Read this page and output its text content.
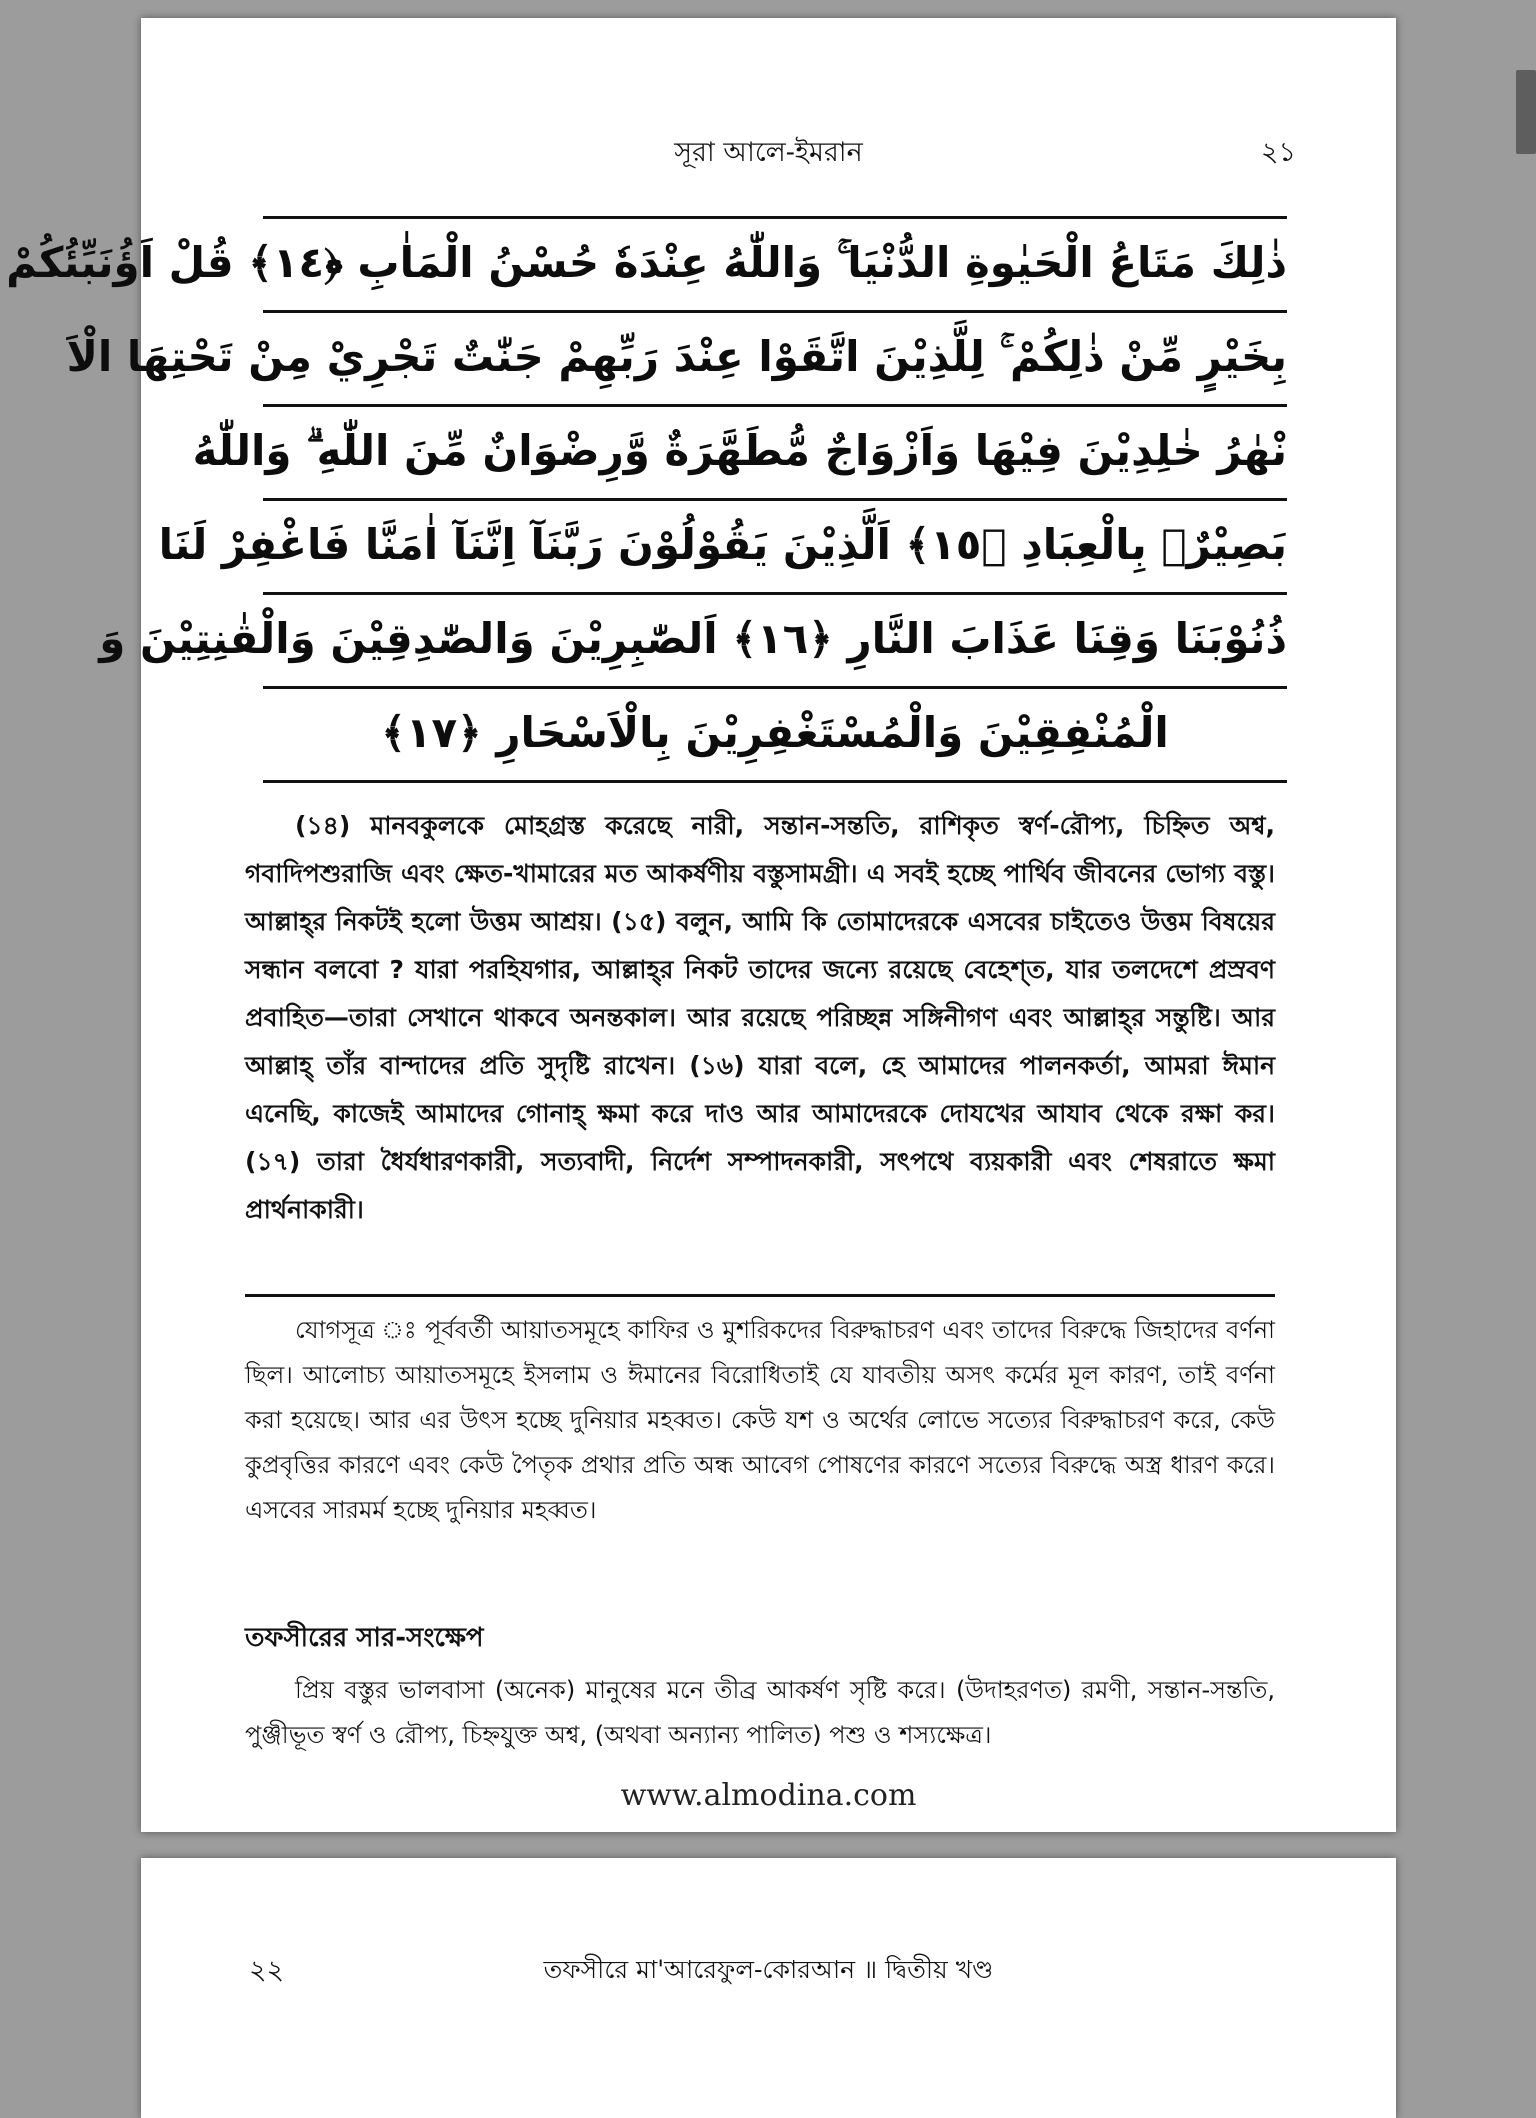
সূরা আলে-ইমরান	২১
ذٰلِكَ مَتَاعُ الْحَيٰوةِ الدُّنْيَا ۚ وَاللّٰهُ عِنْدَهٗ حُسْنُ الْمَاٰبِ ﴿١٤﴾ قُلْ اَؤُنَبِّئُكُمْ
بِخَيْرٍ مِّنْ ذٰلِكُمْ ۚ لِلَّذِيْنَ اتَّقَوْا عِنْدَ رَبِّهِمْ جَنّٰتٌ تَجْرِيْ مِنْ تَحْتِهَا الْاَ
نْهٰرُ خٰلِدِيْنَ فِيْهَا وَاَزْوَاجٌ مُّطَهَّرَةٌ وَّرِضْوَانٌ مِّنَ اللّٰهِ ۗ وَاللّٰهُ
بَصِيْرٌۢ بِالْعِبَادِ ﴿١٥﴾ اَلَّذِيْنَ يَقُوْلُوْنَ رَبَّنَآ اِنَّنَآ اٰمَنَّا فَاغْفِرْ لَنَا
ذُنُوْبَنَا وَقِنَا عَذَابَ النَّارِ ﴿١٦﴾ اَلصّٰبِرِيْنَ وَالصّٰدِقِيْنَ وَالْقٰنِتِيْنَ وَ
الْمُنْفِقِيْنَ وَالْمُسْتَغْفِرِيْنَ بِالْاَسْحَارِ ﴿١٧﴾

(১৪) মানবকুলকে মোহগ্রস্ত করেছে নারী, সন্তান-সন্ততি, রাশিকৃত স্বর্ণ-রৌপ্য, চিহ্নিত অশ্ব, গবাদিপশুরাজি এবং ক্ষেত-খামারের মত আকর্ষণীয় বস্তুসামগ্রী। এ সবই হচ্ছে পার্থিব জীবনের ভোগ্য বস্তু। আল্লাহ্‌র নিকটই হলো উত্তম আশ্রয়। (১৫) বলুন, আমি কি তোমাদেরকে এসবের চাইতেও উত্তম বিষয়ের সন্ধান বলবো ? যারা পরহিযগার, আল্লাহ্‌র নিকট তাদের জন্যে রয়েছে বেহেশ্‌ত, যার তলদেশে প্রস্রবণ প্রবাহিত—তারা সেখানে থাকবে অনন্তকাল। আর রয়েছে পরিচ্ছন্ন সঙ্গিনীগণ এবং আল্লাহ্‌র সন্তুষ্টি। আর আল্লাহ্ তাঁর বান্দাদের প্রতি সুদৃষ্টি রাখেন। (১৬) যারা বলে, হে আমাদের পালনকর্তা, আমরা ঈমান এনেছি, কাজেই আমাদের গোনাহ্ ক্ষমা করে দাও আর আমাদেরকে দোযখের আযাব থেকে রক্ষা কর। (১৭) তারা ধৈর্যধারণকারী, সত্যবাদী, নির্দেশ সম্পাদনকারী, সৎপথে ব্যয়কারী এবং শেষরাতে ক্ষমা প্রার্থনাকারী।

যোগসূত্র ঃ পূর্ববর্তী আয়াতসমূহে কাফির ও মুশরিকদের বিরুদ্ধাচরণ এবং তাদের বিরুদ্ধে জিহাদের বর্ণনা ছিল। আলোচ্য আয়াতসমূহে ইসলাম ও ঈমানের বিরোধিতাই যে যাবতীয় অসৎ কর্মের মূল কারণ, তাই বর্ণনা করা হয়েছে। আর এর উৎস হচ্ছে দুনিয়ার মহব্বত। কেউ যশ ও অর্থের লোভে সত্যের বিরুদ্ধাচরণ করে, কেউ কুপ্রবৃত্তির কারণে এবং কেউ পৈতৃক প্রথার প্রতি অন্ধ আবেগ পোষণের কারণে সত্যের বিরুদ্ধে অস্ত্র ধারণ করে। এসবের সারমর্ম হচ্ছে দুনিয়ার মহব্বত।

তফসীরের সার-সংক্ষেপ

প্রিয় বস্তুর ভালবাসা (অনেক) মানুষের মনে তীব্র আকর্ষণ সৃষ্টি করে। (উদাহরণত) রমণী, সন্তান-সন্ততি, পুঞ্জীভূত স্বর্ণ ও রৌপ্য, চিহ্নযুক্ত অশ্ব, (অথবা অন্যান্য পালিত) পশু ও শস্যক্ষেত্র।

www.almodina.com
২২	তফসীরে মা'আরেফুল-কোরআন ॥ দ্বিতীয় খণ্ড
